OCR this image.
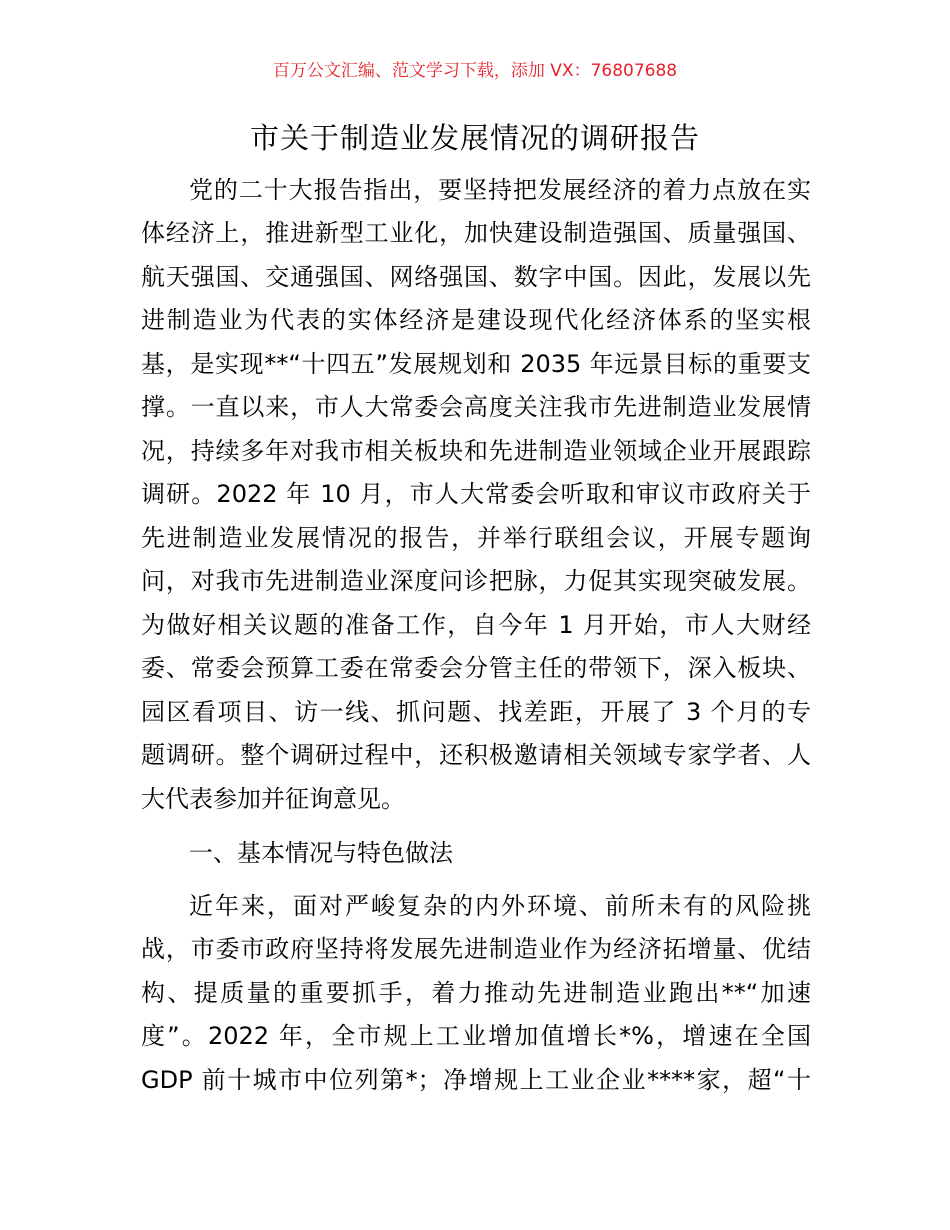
百万公文汇编、范文学习下载，添加 VX：76807688
市关于制造业发展情况的调研报告
党的二十大报告指出，要坚持把发展经济的着力点放在实
体经济上，推进新型工业化，加快建设制造强国、质量强国、
航天强国、交通强国、网络强国、数字中国。因此，发展以先
进制造业为代表的实体经济是建设现代化经济体系的坚实根
基，是实现**“十四五”发展规划和 2035 年远景目标的重要支
撑。一直以来，市人大常委会高度关注我市先进制造业发展情
况，持续多年对我市相关板块和先进制造业领域企业开展跟踪
调研。2022 年 10 月，市人大常委会听取和审议市政府关于
先进制造业发展情况的报告，并举行联组会议，开展专题询
问，对我市先进制造业深度问诊把脉，力促其实现突破发展。
为做好相关议题的准备工作，自今年 1 月开始，市人大财经
委、常委会预算工委在常委会分管主任的带领下，深入板块、
园区看项目、访一线、抓问题、找差距，开展了 3 个月的专
题调研。整个调研过程中，还积极邀请相关领域专家学者、人
大代表参加并征询意见。
一、基本情况与特色做法
近年来，面对严峻复杂的内外环境、前所未有的风险挑
战，市委市政府坚持将发展先进制造业作为经济拓增量、优结
构、提质量的重要抓手，着力推动先进制造业跑出**“加速
度”。2022 年，全市规上工业增加值增长*%，增速在全国
GDP 前十城市中位列第*；净增规上工业企业****家，超“十
